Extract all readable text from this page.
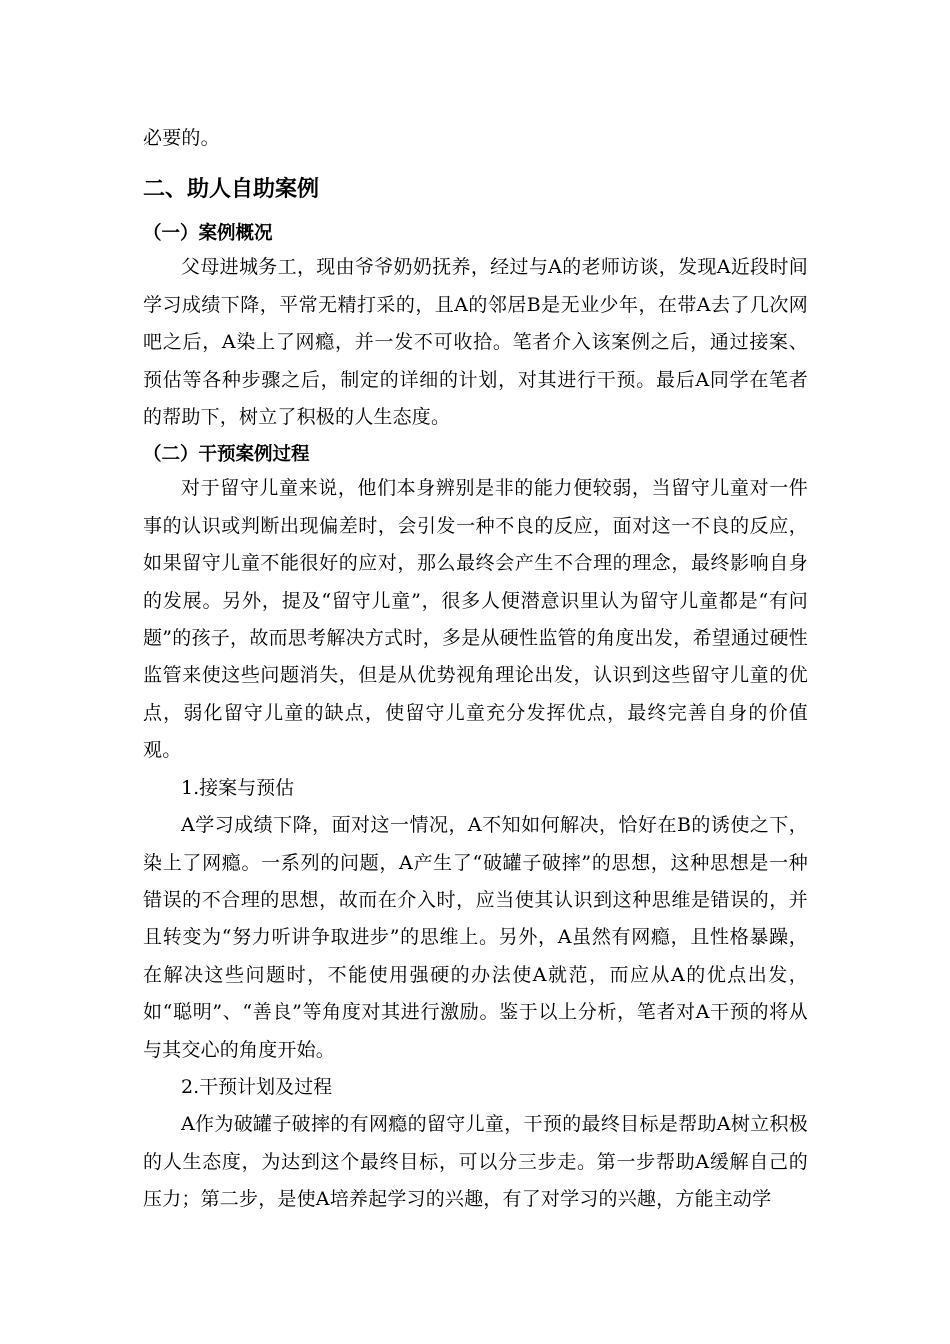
必要的。

二、助人自助案例
（一）案例概况

父母进城务工，现由爷爷奶奶抚养，经过与A的老师访谈，发现A近段时间学习成绩下降，平常无精打采的，且A的邻居B是无业少年，在带A去了几次网吧之后，A染上了网瘾，并一发不可收拾。笔者介入该案例之后，通过接案、预估等各种步骤之后，制定的详细的计划，对其进行干预。最后A同学在笔者的帮助下，树立了积极的人生态度。

（二）干预案例过程

对于留守儿童来说，他们本身辨别是非的能力便较弱，当留守儿童对一件事的认识或判断出现偏差时，会引发一种不良的反应，面对这一不良的反应，如果留守儿童不能很好的应对，那么最终会产生不合理的理念，最终影响自身的发展。另外，提及“留守儿童”，很多人便潜意识里认为留守儿童都是“有问题”的孩子，故而思考解决方式时，多是从硬性监管的角度出发，希望通过硬性监管来使这些问题消失，但是从优势视角理论出发，认识到这些留守儿童的优点，弱化留守儿童的缺点，使留守儿童充分发挥优点，最终完善自身的价值观。

1.接案与预估

A学习成绩下降，面对这一情况，A不知如何解决，恰好在B的诱使之下，染上了网瘾。一系列的问题，A产生了“破罐子破摔”的思想，这种思想是一种错误的不合理的思想，故而在介入时，应当使其认识到这种思维是错误的，并且转变为“努力听讲争取进步”的思维上。另外，A虽然有网瘾，且性格暴躁，在解决这些问题时，不能使用强硬的办法使A就范，而应从A的优点出发，如“聪明”、“善良”等角度对其进行激励。鉴于以上分析，笔者对A干预的将从与其交心的角度开始。

2.干预计划及过程

A作为破罐子破摔的有网瘾的留守儿童，干预的最终目标是帮助A树立积极的人生态度，为达到这个最终目标，可以分三步走。第一步帮助A缓解自己的压力；第二步，是使A培养起学习的兴趣，有了对学习的兴趣，方能主动学
